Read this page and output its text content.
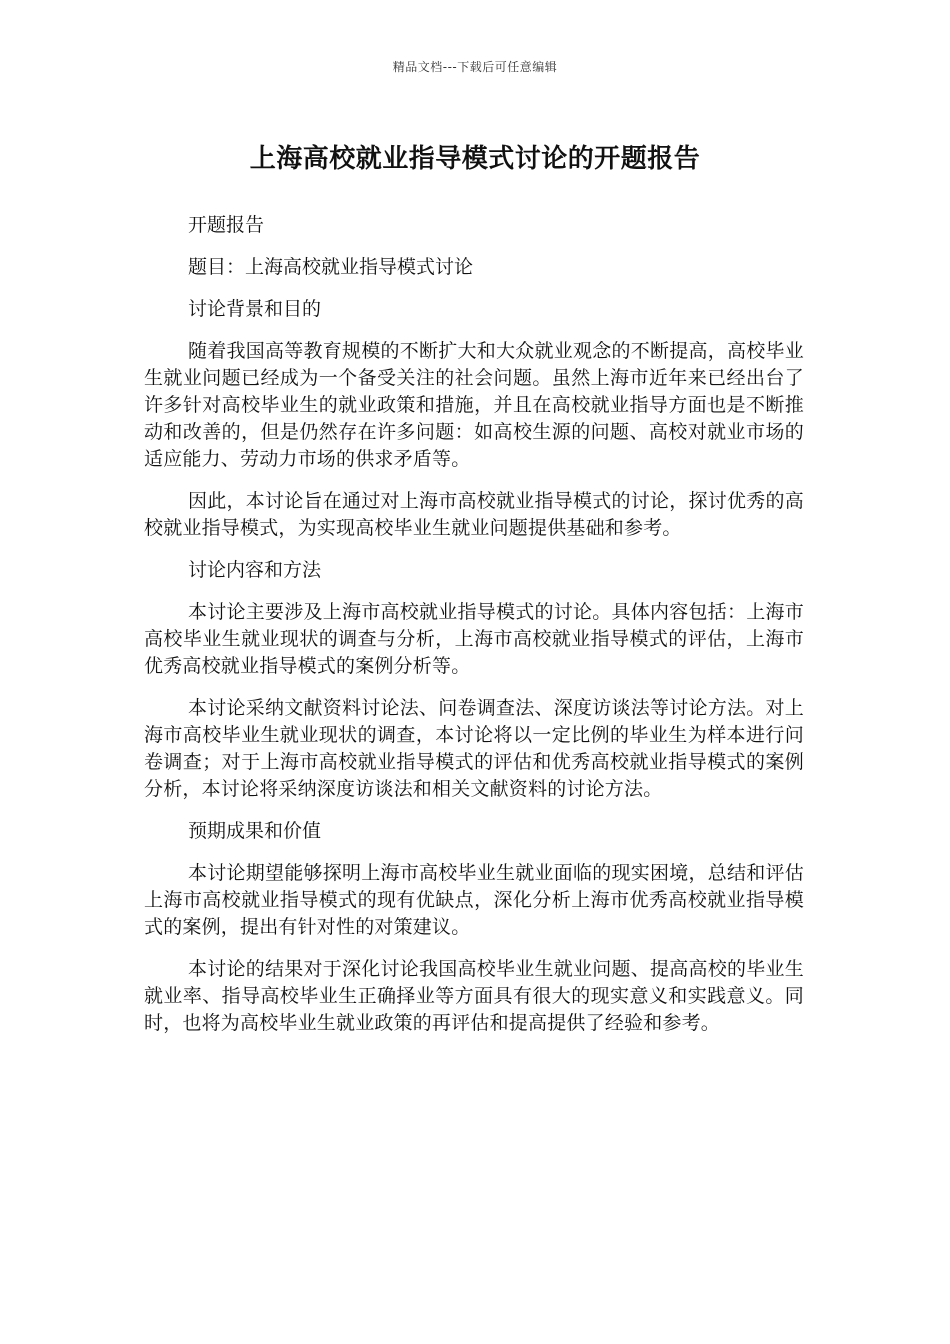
精品文档---下载后可任意编辑
上海高校就业指导模式讨论的开题报告

开题报告

题目：上海高校就业指导模式讨论

讨论背景和目的

随着我国高等教育规模的不断扩大和大众就业观念的不断提高，高校毕业生就业问题已经成为一个备受关注的社会问题。虽然上海市近年来已经出台了许多针对高校毕业生的就业政策和措施，并且在高校就业指导方面也是不断推动和改善的，但是仍然存在许多问题：如高校生源的问题、高校对就业市场的适应能力、劳动力市场的供求矛盾等。

因此，本讨论旨在通过对上海市高校就业指导模式的讨论，探讨优秀的高校就业指导模式，为实现高校毕业生就业问题提供基础和参考。

讨论内容和方法

本讨论主要涉及上海市高校就业指导模式的讨论。具体内容包括：上海市高校毕业生就业现状的调查与分析，上海市高校就业指导模式的评估，上海市优秀高校就业指导模式的案例分析等。

本讨论采纳文献资料讨论法、问卷调查法、深度访谈法等讨论方法。对上海市高校毕业生就业现状的调查，本讨论将以一定比例的毕业生为样本进行问卷调查；对于上海市高校就业指导模式的评估和优秀高校就业指导模式的案例分析，本讨论将采纳深度访谈法和相关文献资料的讨论方法。

预期成果和价值

本讨论期望能够探明上海市高校毕业生就业面临的现实困境，总结和评估上海市高校就业指导模式的现有优缺点，深化分析上海市优秀高校就业指导模式的案例，提出有针对性的对策建议。

本讨论的结果对于深化讨论我国高校毕业生就业问题、提高高校的毕业生就业率、指导高校毕业生正确择业等方面具有很大的现实意义和实践意义。同时，也将为高校毕业生就业政策的再评估和提高提供了经验和参考。
